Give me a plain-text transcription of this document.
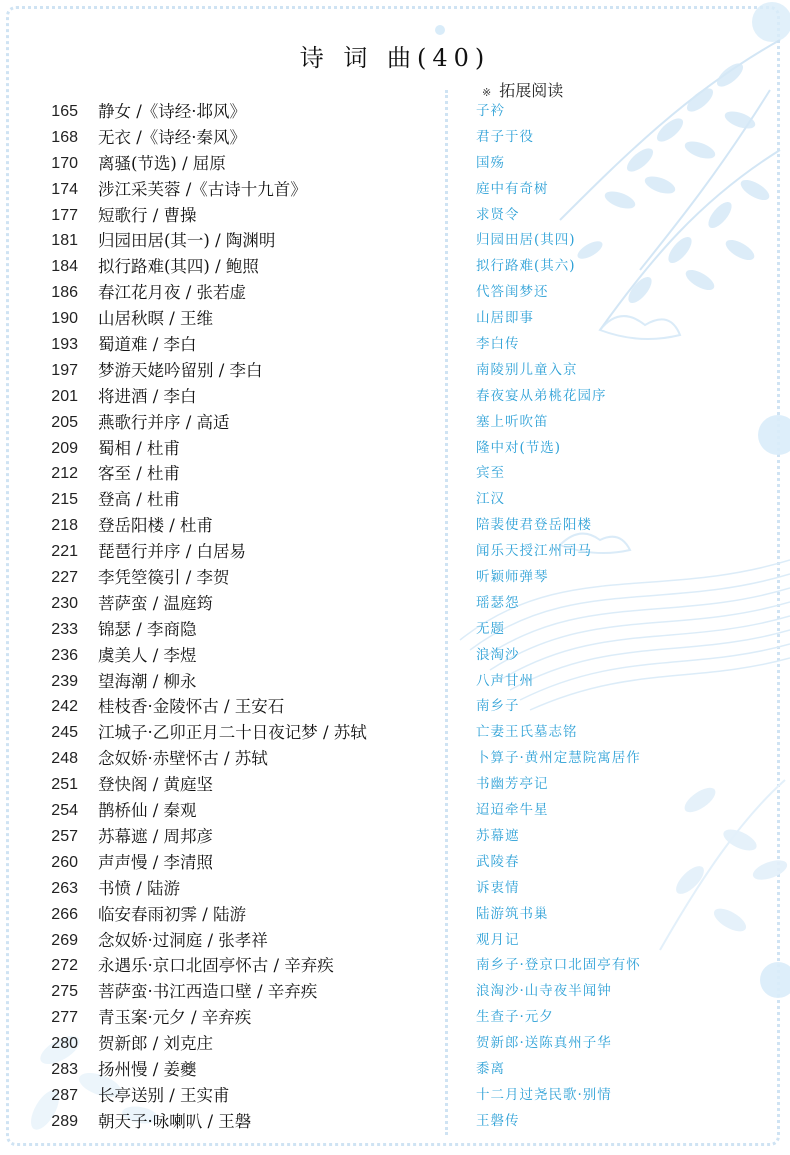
诗 词 曲(40)
※ 拓展阅读
165 静女 /《诗经·邶风》	子衿
168 无衣 /《诗经·秦风》	君子于役
170 离骚(节选) / 屈原	国殇
174 涉江采芙蓉 /《古诗十九首》	庭中有奇树
177 短歌行 / 曹操	求贤令
181 归园田居(其一) / 陶渊明	归园田居(其四)
184 拟行路难(其四) / 鲍照	拟行路难(其六)
186 春江花月夜 / 张若虚	代答闺梦还
190 山居秋暝 / 王维	山居即事
193 蜀道难 / 李白	李白传
197 梦游天姥吟留别 / 李白	南陵别儿童入京
201 将进酒 / 李白	春夜宴从弟桃花园序
205 燕歌行并序 / 高适	塞上听吹笛
209 蜀相 / 杜甫	隆中对(节选)
212 客至 / 杜甫	宾至
215 登高 / 杜甫	江汉
218 登岳阳楼 / 杜甫	陪裴使君登岳阳楼
221 琵琶行并序 / 白居易	闻乐天授江州司马
227 李凭箜篌引 / 李贺	听颖师弹琴
230 菩萨蛮 / 温庭筠	瑶瑟怨
233 锦瑟 / 李商隐	无题
236 虞美人 / 李煜	浪淘沙
239 望海潮 / 柳永	八声甘州
242 桂枝香·金陵怀古 / 王安石	南乡子
245 江城子·乙卯正月二十日夜记梦 / 苏轼	亡妻王氏墓志铭
248 念奴娇·赤壁怀古 / 苏轼	卜算子·黄州定慧院寓居作
251 登快阁 / 黄庭坚	书幽芳亭记
254 鹊桥仙 / 秦观	迢迢牵牛星
257 苏幕遮 / 周邦彦	苏幕遮
260 声声慢 / 李清照	武陵春
263 书愤 / 陆游	诉衷情
266 临安春雨初霁 / 陆游	陆游筑书巢
269 念奴娇·过洞庭 / 张孝祥	观月记
272 永遇乐·京口北固亭怀古 / 辛弃疾	南乡子·登京口北固亭有怀
275 菩萨蛮·书江西造口壁 / 辛弃疾	浪淘沙·山寺夜半闻钟
277 青玉案·元夕 / 辛弃疾	生查子·元夕
280 贺新郎 / 刘克庄	贺新郎·送陈真州子华
283 扬州慢 / 姜夔	黍离
287 长亭送别 / 王实甫	十二月过尧民歌·别情
289 朝天子·咏喇叭 / 王磐	王磐传
